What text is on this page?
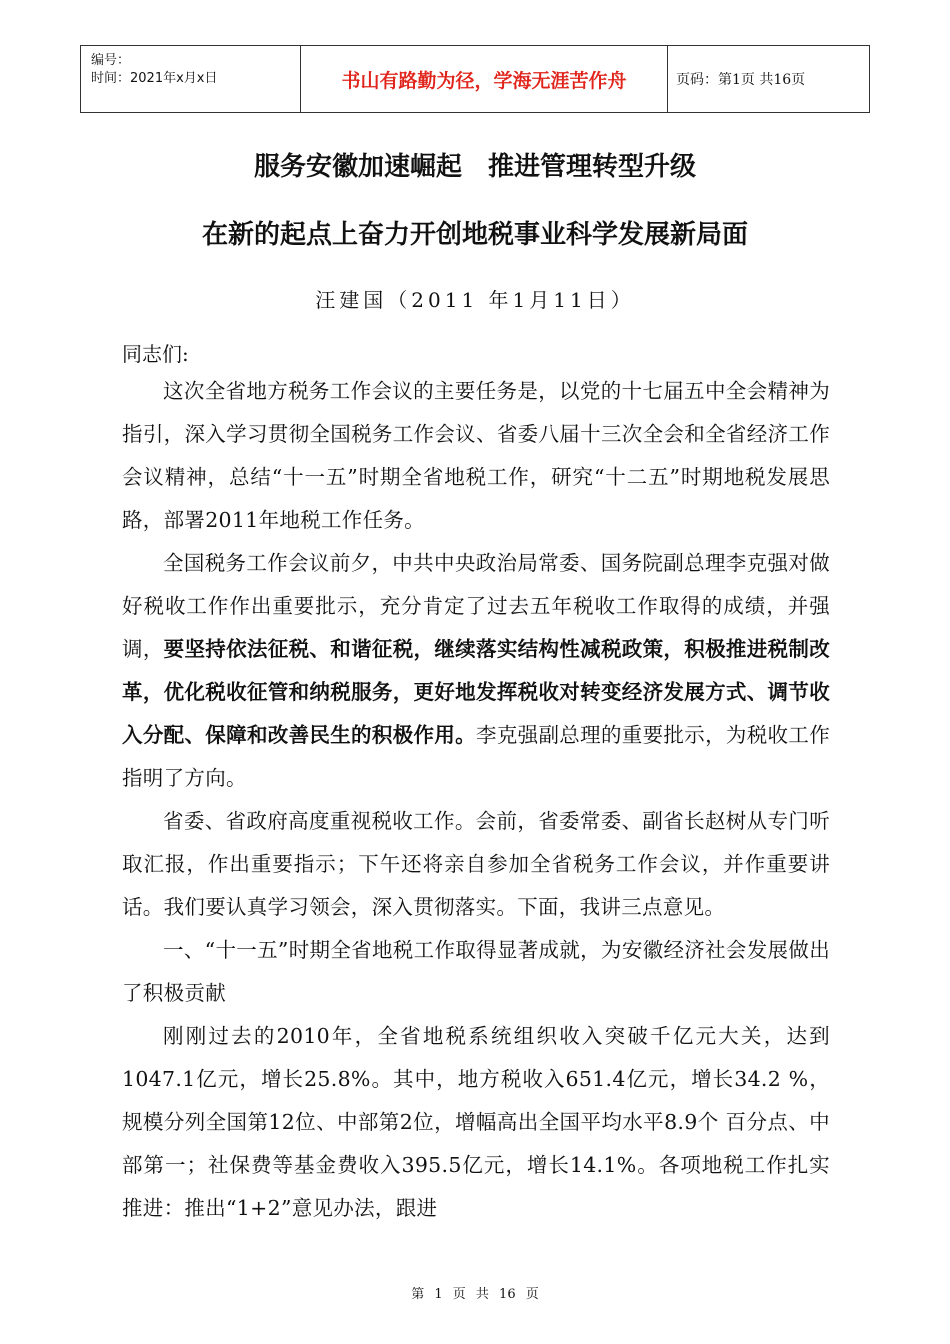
编号：
时间：2021年x月x日	书山有路勤为径，学海无涯苦作舟	页码：第1页 共16页
服务安徽加速崛起　推进管理转型升级
在新的起点上奋力开创地税事业科学发展新局面
汪建国（2011 年1月11日）
同志们:

这次全省地方税务工作会议的主要任务是，以党的十七届五中全会精神为指引，深入学习贯彻全国税务工作会议、省委八届十三次全会和全省经济工作会议精神，总结“十一五”时期全省地税工作，研究“十二五”时期地税发展思路，部署2011年地税工作任务。

全国税务工作会议前夕，中共中央政治局常委、国务院副总理李克强对做好税收工作作出重要批示，充分肯定了过去五年税收工作取得的成绩，并强调，要坚持依法征税、和谐征税，继续落实结构性减税政策，积极推进税制改革，优化税收征管和纳税服务，更好地发挥税收对转变经济发展方式、调节收入分配、保障和改善民生的积极作用。李克强副总理的重要批示，为税收工作指明了方向。

省委、省政府高度重视税收工作。会前，省委常委、副省长赵树从专门听取汇报，作出重要指示；下午还将亲自参加全省税务工作会议，并作重要讲话。我们要认真学习领会，深入贯彻落实。下面，我讲三点意见。

一、“十一五”时期全省地税工作取得显著成就，为安徽经济社会发展做出了积极贡献

刚刚过去的2010年，全省地税系统组织收入突破千亿元大关，达到1047.1亿元，增长25.8%。其中，地方税收入651.4亿元，增长34.2 %，规模分列全国第12位、中部第2位，增幅高出全国平均水平8.9个 百分点、中部第一；社保费等基金费收入395.5亿元，增长14.1%。各项地税工作扎实推进：推出“1+2”意见办法，跟进

第 1 页 共 16 页
